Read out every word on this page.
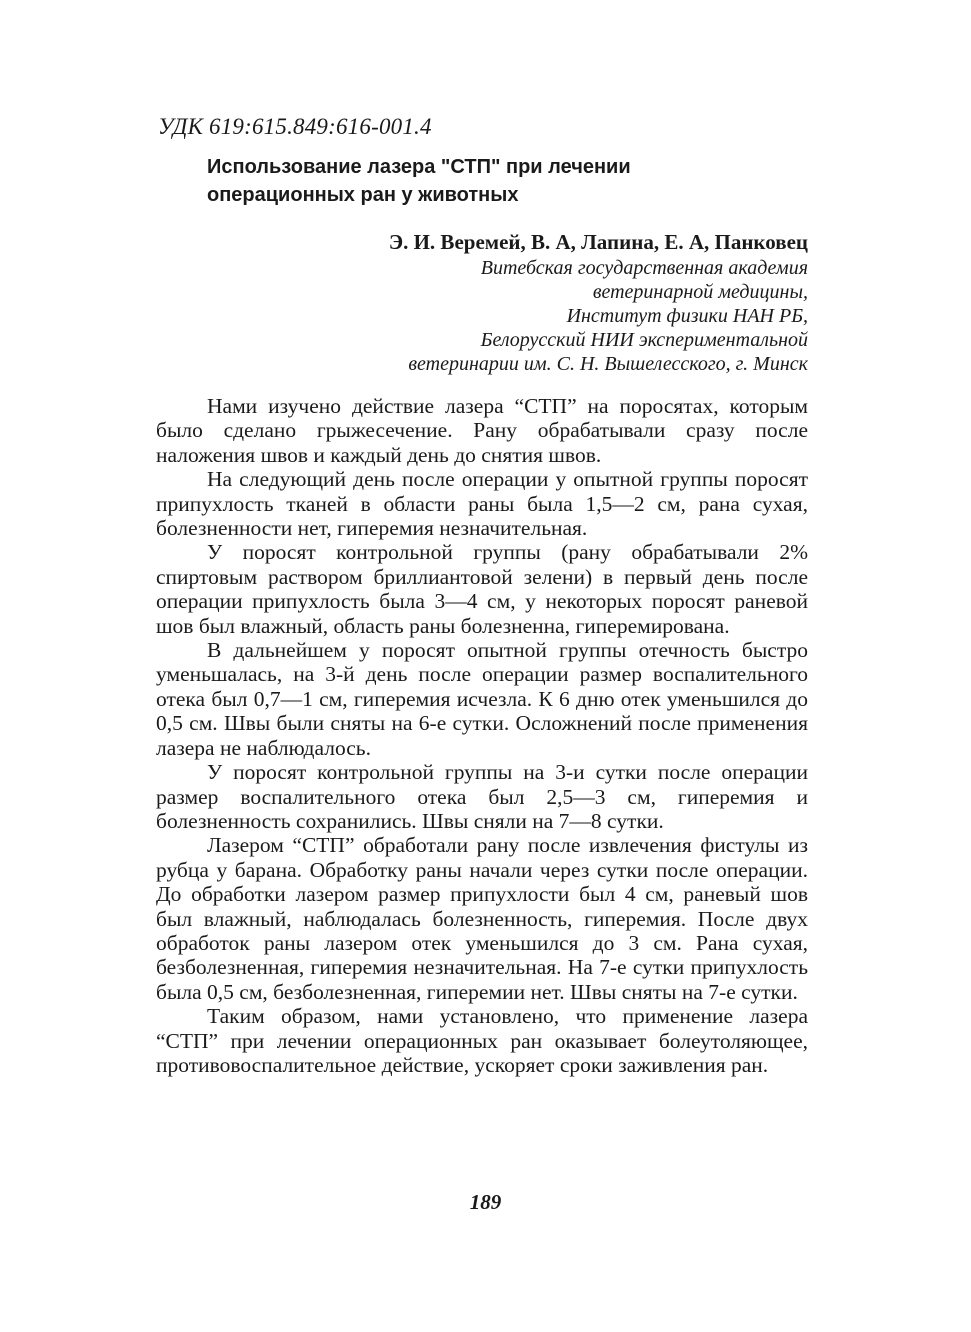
УДК 619:615.849:616-001.4
Использование лазера "СТП" при лечении
операционных ран у животных
Э. И. Веремей, В. А, Лапина, Е. А, Панковец
Витебская государственная академия
ветеринарной медицины,
Институт физики НАН РБ,
Белорусский НИИ экспериментальной
ветеринарии им. С. Н. Вышелесского, г. Минск

Нами изучено действие лазера “СТП” на поросятах, которым было сделано грыжесечение. Рану обрабатывали сразу после наложения швов и каждый день до снятия швов.

На следующий день после операции у опытной группы поросят припухлость тканей в области раны была 1,5—2 см, рана сухая, болезненности нет, гиперемия незначительная.

У поросят контрольной группы (рану обрабатывали 2% спиртовым раствором бриллиантовой зелени) в первый день после операции припухлость была 3—4 см, у некоторых поросят раневой шов был влажный, область раны болезненна, гиперемирована.

В дальнейшем у поросят опытной группы отечность быстро уменьшалась, на 3-й день после операции размер воспалительного отека был 0,7—1 см, гиперемия исчезла. К 6 дню отек уменьшился до 0,5 см. Швы были сняты на 6-е сутки. Осложнений после применения лазера не наблюдалось.

У поросят контрольной группы на 3-и сутки после операции размер воспалительного отека был 2,5—3 см, гиперемия и болезненность сохранились. Швы сняли на 7—8 сутки.

Лазером “СТП” обработали рану после извлечения фистулы из рубца у барана. Обработку раны начали через сутки после операции. До обработки лазером размер припухлости был 4 см, раневый шов был влажный, наблюдалась болезненность, гиперемия. После двух обработок раны лазером отек уменьшился до 3 см. Рана сухая, безболезненная, гиперемия незначительная. На 7-е сутки припухлость была 0,5 см, безболезненная, гиперемии нет. Швы сняты на 7-е сутки.

Таким образом, нами установлено, что применение лазера “СТП” при лечении операционных ран оказывает болеутоляющее, противовоспалительное действие, ускоряет сроки заживления ран.

189
